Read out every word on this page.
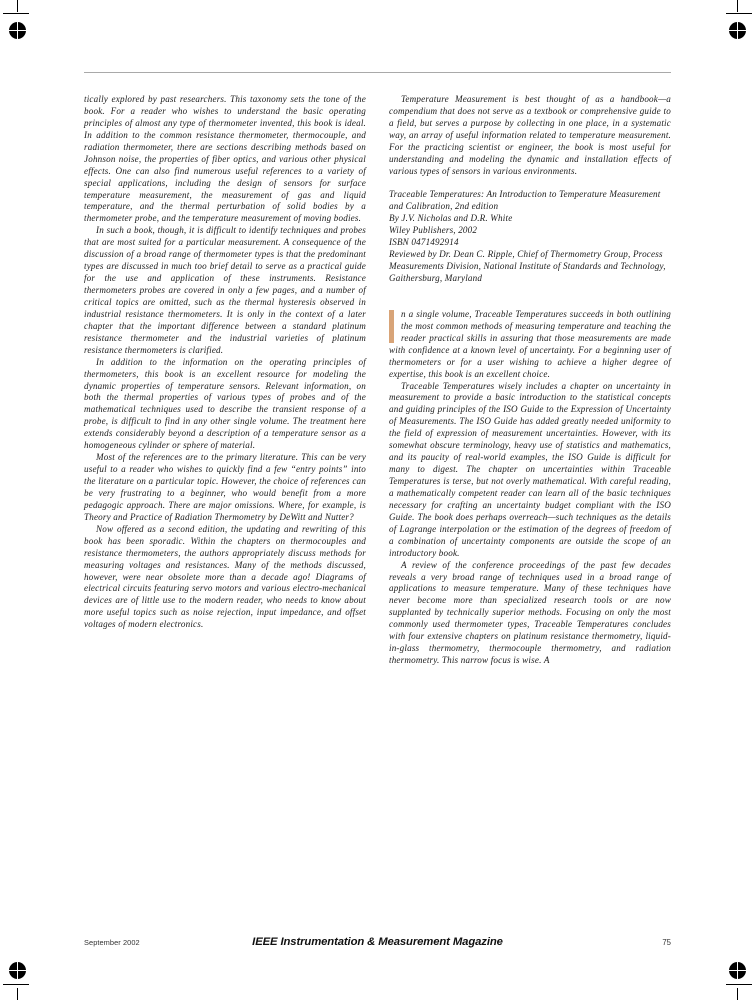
tically explored by past researchers. This taxonomy sets the tone of the book. For a reader who wishes to understand the basic operating principles of almost any type of thermometer invented, this book is ideal. In addition to the common resistance thermometer, thermocouple, and radiation thermometer, there are sections describing methods based on Johnson noise, the properties of fiber optics, and various other physical effects. One can also find numerous useful references to a variety of special applications, including the design of sensors for surface temperature measurement, the measurement of gas and liquid temperature, and the thermal perturbation of solid bodies by a thermometer probe, and the temperature measurement of moving bodies.

In such a book, though, it is difficult to identify techniques and probes that are most suited for a particular measurement. A consequence of the discussion of a broad range of thermometer types is that the predominant types are discussed in much too brief detail to serve as a practical guide for the use and application of these instruments. Resistance thermometers probes are covered in only a few pages, and a number of critical topics are omitted, such as the thermal hysteresis observed in industrial resistance thermometers. It is only in the context of a later chapter that the important difference between a standard platinum resistance thermometer and the industrial varieties of platinum resistance thermometers is clarified.

In addition to the information on the operating principles of thermometers, this book is an excellent resource for modeling the dynamic properties of temperature sensors. Relevant information, on both the thermal properties of various types of probes and of the mathematical techniques used to describe the transient response of a probe, is difficult to find in any other single volume. The treatment here extends considerably beyond a description of a temperature sensor as a homogeneous cylinder or sphere of material.

Most of the references are to the primary literature. This can be very useful to a reader who wishes to quickly find a few “entry points” into the literature on a particular topic. However, the choice of references can be very frustrating to a beginner, who would benefit from a more pedagogic approach. There are major omissions. Where, for example, is Theory and Practice of Radiation Thermometry by DeWitt and Nutter?

Now offered as a second edition, the updating and rewriting of this book has been sporadic. Within the chapters on thermocouples and resistance thermometers, the authors appropriately discuss methods for measuring voltages and resistances. Many of the methods discussed, however, were near obsolete more than a decade ago! Diagrams of electrical circuits featuring servo motors and various electro-mechanical devices are of little use to the modern reader, who needs to know about more useful topics such as noise rejection, input impedance, and offset voltages of modern electronics.

Temperature Measurement is best thought of as a handbook—a compendium that does not serve as a textbook or comprehensive guide to a field, but serves a purpose by collecting in one place, in a systematic way, an array of useful information related to temperature measurement. For the practicing scientist or engineer, the book is most useful for understanding and modeling the dynamic and installation effects of various types of sensors in various environments.

Traceable Temperatures: An Introduction to Temperature Measurement and Calibration, 2nd edition
By J.V. Nicholas and D.R. White
Wiley Publishers, 2002
ISBN 0471492914
Reviewed by Dr. Dean C. Ripple, Chief of Thermometry Group, Process Measurements Division, National Institute of Standards and Technology, Gaithersburg, Maryland

n a single volume, Traceable Temperatures succeeds in both outlining the most common methods of measuring temperature and teaching the reader practical skills in assuring that those measurements are made with confidence at a known level of uncertainty. For a beginning user of thermometers or for a user wishing to achieve a higher degree of expertise, this book is an excellent choice.

Traceable Temperatures wisely includes a chapter on uncertainty in measurement to provide a basic introduction to the statistical concepts and guiding principles of the ISO Guide to the Expression of Uncertainty of Measurements. The ISO Guide has added greatly needed uniformity to the field of expression of measurement uncertainties. However, with its somewhat obscure terminology, heavy use of statistics and mathematics, and its paucity of real-world examples, the ISO Guide is difficult for many to digest. The chapter on uncertainties within Traceable Temperatures is terse, but not overly mathematical. With careful reading, a mathematically competent reader can learn all of the basic techniques necessary for crafting an uncertainty budget compliant with the ISO Guide. The book does perhaps overreach—such techniques as the details of Lagrange interpolation or the estimation of the degrees of freedom of a combination of uncertainty components are outside the scope of an introductory book.

A review of the conference proceedings of the past few decades reveals a very broad range of techniques used in a broad range of applications to measure temperature. Many of these techniques have never become more than specialized research tools or are now supplanted by technically superior methods. Focusing on only the most commonly used thermometer types, Traceable Temperatures concludes with four extensive chapters on platinum resistance thermometry, liquid-in-glass thermometry, thermocouple thermometry, and radiation thermometry. This narrow focus is wise. A

September 2002	IEEE Instrumentation & Measurement Magazine	75
